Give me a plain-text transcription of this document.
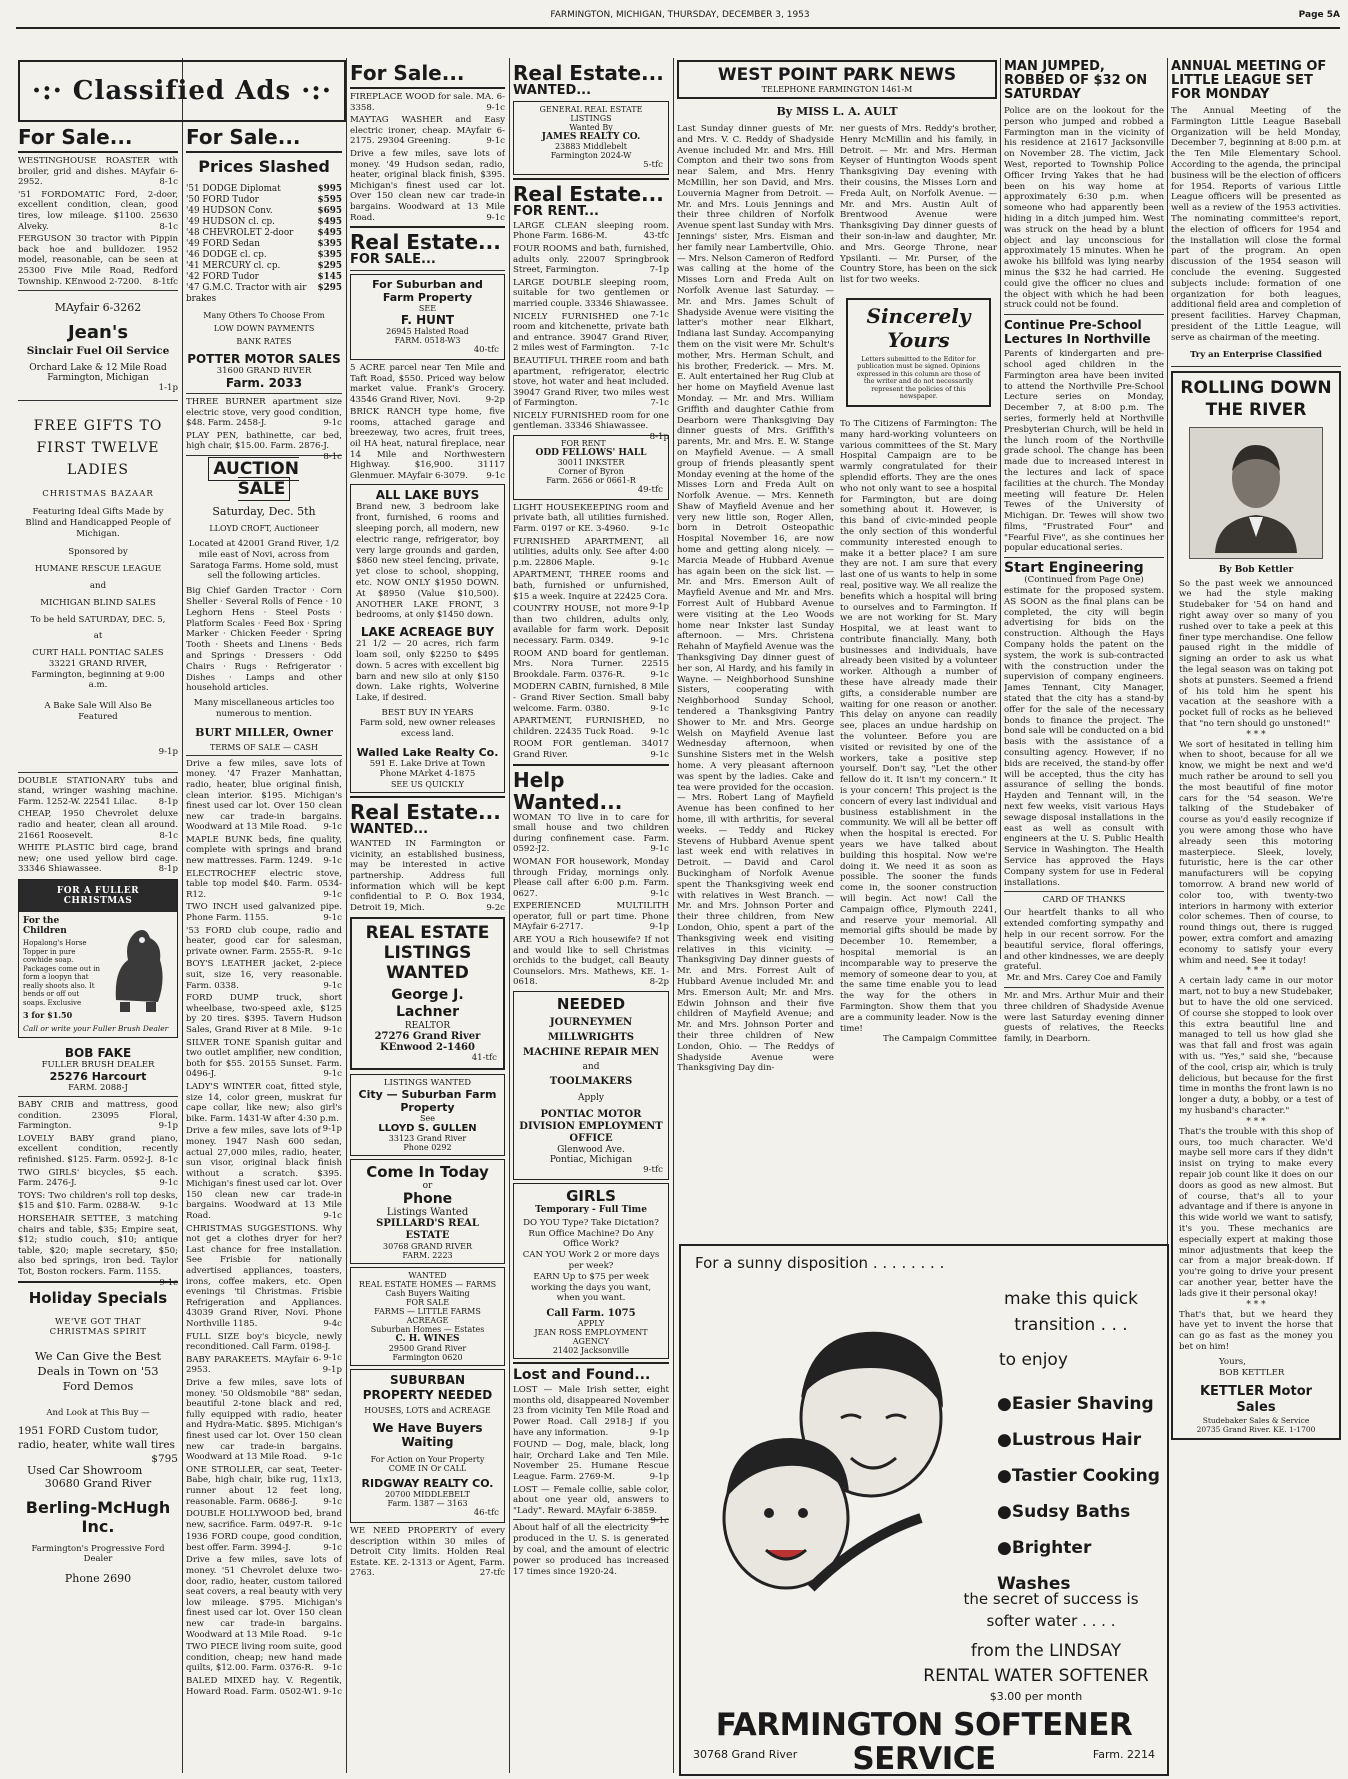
FARMINGTON, MICHIGAN, THURSDAY, DECEMBER 3, 1953	Page 5A
·:· Classified Ads ·:·
For Sale...
WESTINGHOUSE ROASTER with broiler, grid and dishes. MAyfair 6-2952.	8-1c
'51 FORDOMATIC Ford, 2-door, excellent condition, clean, good tires, low mileage. $1100. 25630 Alveky.	8-1c
FERGUSON 30 tractor with Pippin back hoe and bulldozer. 1952 model, reasonable, can be seen at 25300 Five Mile Road, Redford Township. KEnwood 2-7200. 8-1tfc
MAyfair 6-3262
Jean's
Sinclair Fuel Oil Service
Orchard Lake & 12 Mile Road
Farmington, Michigan
1-1p
FREE GIFTS TO FIRST TWELVE LADIES
CHRISTMAS BAZAAR
Featuring Ideal Gifts Made by Blind and Handicapped People of Michigan.
Sponsored by
HUMANE RESCUE LEAGUE
and
MICHIGAN BLIND SALES
To be held SATURDAY, DEC. 5,
at
CURT HALL PONTIAC SALES 33221 GRAND RIVER, Farmington, beginning at 9:00 a.m.
A Bake Sale Will Also Be Featured
9-1p
DOUBLE STATIONARY tubs and stand, wringer washing machine. Farm. 1252-W. 22541 Lilac. 8-1p
CHEAP, 1950 Chevrolet deluxe radio and heater, clean all around. 21661 Roosevelt.	8-1c
WHITE PLASTIC bird cage, brand new; one used yellow bird cage. 33346 Shiawassee.	8-1p
FOR A FULLER CHRISTMAS
For the Children
Hopalong's Horse Topper in pure cowhide soap. Packages come out in form a loopyn that really shoots also. It bends or off out soaps. Exclusive
3 for $1.50
Call or write your Fuller Brush Dealer
BOB FAKE
FULLER BRUSH DEALER
25276 Harcourt
FARM. 2088-J
BABY CRIB and mattress, good condition. 23095 Floral, Farmington.	9-1p
LOVELY BABY grand piano, excellent condition, recently refinished. $125. Farm. 0592-J. 8-1c
TWO GIRLS' bicycles, $5 each. Farm. 2476-J.	9-1c
TOYS: Two children's roll top desks, $15 and $10. Farm. 0288-W. 9-1c
HORSEHAIR SETTEE, 3 matching chairs and table, $35; Empire seat, $12; studio couch, $10; antique table, $20; maple secretary, $50; also bed springs, iron bed. Taylor Tot, Boston rockers. Farm. 1155.
9-1c
Holiday Specials
WE'VE GOT THAT CHRISTMAS SPIRIT
We Can Give the Best Deals in Town on '53 Ford Demos
And Look at This Buy —
1951 FORD Custom tudor, radio, heater, white wall tires
$795
Used Car Showroom
30680 Grand River
Berling-McHugh Inc.
Farmington's Progressive Ford Dealer
Phone 2690
For Sale...
Prices Slashed
'51 DODGE Diplomat	$995
'50 FORD Tudor	$595
'49 HUDSON Conv.	$695
'49 HUDSON cl. cp.	$495
'48 CHEVROLET 2-door	$495
'49 FORD Sedan	$395
'46 DODGE cl. cp.	$395
'41 MERCURY cl. cp.	$295
'42 FORD Tudor	$145
'47 G.M.C. Tractor with air brakes
$295
Many Others To Choose From
LOW DOWN PAYMENTS
BANK RATES
POTTER MOTOR SALES
31600 GRAND RIVER
Farm. 2033
THREE BURNER apartment size electric stove, very good condition, $48. Farm. 2458-J.	9-1c
PLAY PEN, bathinette, car bed, high chair, $15.00. Farm. 2876-J.
8-1c
AUCTION SALE
Saturday, Dec. 5th
LLOYD CROFT, Auctioneer
Located at 42001 Grand River, 1/2 mile east of Novi, across from Saratoga Farms. Home sold, must sell the following articles.
Big Chief Garden Tractor · Corn Sheller · Several Rolls of Fence · 10 Leghorn Hens · Steel Posts · Platform Scales · Feed Box · Spring Marker · Chicken Feeder · Spring Tooth · Sheets and Linens · Beds and Springs · Dressers · Odd Chairs · Rugs · Refrigerator · Dishes · Lamps and other household articles.
Many miscellaneous articles too numerous to mention.
BURT MILLER, Owner
TERMS OF SALE — CASH
Drive a few miles, save lots of money. '47 Frazer Manhattan, radio, heater, blue original finish, clean interior. $195. Michigan's finest used car lot. Over 150 clean new car trade-in bargains. Woodward at 13 Mile Road. 9-1c
MAPLE BUNK beds, fine quality, complete with springs and brand new mattresses. Farm. 1249. 9-1c
ELECTROCHEF electric stove, table top model $40. Farm. 0534-R12.	9-1c
TWO INCH used galvanized pipe. Phone Farm. 1155.	9-1c
'53 FORD club coupe, radio and heater, good car for salesman, private owner. Farm. 2555-R. 9-1c
BOY'S LEATHER jacket, 2-piece suit, size 16, very reasonable. Farm. 0338.	9-1c
FORD DUMP truck, short wheelbase, two-speed axle, $125 by 20 tires. $395. Tavern Hudson Sales, Grand River at 8 Mile. 9-1c
SILVER TONE Spanish guitar and two outlet amplifier, new condition, both for $55. 20155 Sunset. Farm. 0496-J.	9-1c
LADY'S WINTER coat, fitted style, size 14, color green, muskrat fur cape collar, like new; also girl's bike. Farm. 1431-W after 4:30 p.m.
9-1p
Drive a few miles, save lots of money. 1947 Nash 600 sedan, actual 27,000 miles, radio, heater, sun visor, original black finish without a scratch. $395. Michigan's finest used car lot. Over 150 clean new car trade-in bargains. Woodward at 13 Mile Road.	9-1c
CHRISTMAS SUGGESTIONS. Why not get a clothes dryer for her? Last chance for free installation. See Frisbie for nationally advertised appliances, toasters, irons, coffee makers, etc. Open evenings 'til Christmas. Frisbie Refrigeration and Appliances. 43039 Grand River, Novi. Phone Northville 1185.	9-4c
FULL SIZE boy's bicycle, newly reconditioned. Call Farm. 0198-J.
9-1c
BABY PARAKEETS. MAyfair 6-2953.	9-1p
Drive a few miles, save lots of money. '50 Oldsmobile "88" sedan, beautiful 2-tone black and red, fully equipped with radio, heater and Hydra-Matic. $895. Michigan's finest used car lot. Over 150 clean new car trade-in bargains. Woodward at 13 Mile Road. 9-1c
ONE STROLLER, car seat, Teeter-Babe, high chair, bike rug, 11x13, runner about 12 feet long, reasonable. Farm. 0686-J.	9-1c
DOUBLE HOLLYWOOD bed, brand new, sacrifice. Farm. 0497-R. 9-1c
1936 FORD coupe, good condition, best offer. Farm. 3994-J.	9-1c
Drive a few miles, save lots of money. '51 Chevrolet deluxe two-door, radio, heater, custom tailored seat covers, a real beauty with very low mileage. $795. Michigan's finest used car lot. Over 150 clean new car trade-in bargains. Woodward at 13 Mile Road. 9-1c
TWO PIECE living room suite, good condition, cheap; new hand made quilts, $12.00. Farm. 0376-R. 9-1c
BALED MIXED hay. V. Regentik, Howard Road. Farm. 0502-W1. 9-1c
For Sale...
FIREPLACE WOOD for sale. MA. 6-3358.	9-1c
MAYTAG WASHER and Easy electric ironer, cheap. MAyfair 6-2175. 29304 Greening.	9-1c
Drive a few miles, save lots of money. '49 Hudson sedan, radio, heater, original black finish, $395. Michigan's finest used car lot. Over 150 clean new car trade-in bargains. Woodward at 13 Mile Road.	9-1c
Real Estate...
FOR SALE...
For Suburban and Farm Property
SEE
F. HUNT
26945 Halsted Road
FARM. 0518-W3
40-tfc
5 ACRE parcel near Ten Mile and Taft Road, $550. Priced way below market value. Frank's Grocery. 43546 Grand River, Novi.	9-2p
BRICK RANCH type home, five rooms, attached garage and breezeway, two acres, fruit trees, oil HA heat, natural fireplace, near 14 Mile and Northwestern Highway. $16,900. 31117 Glenmuer. MAyfair 6-3079. 9-1c
ALL LAKE BUYS
Brand new, 3 bedroom lake front, furnished, 6 rooms and sleeping porch, all modern, new electric range, refrigerator, boy very large grounds and garden, $860 new steel fencing, private, yet close to school, shopping, etc. NOW ONLY $1950 DOWN. At $8950 (Value $10,500). ANOTHER LAKE FRONT, 3 bedrooms, at only $1450 down.
LAKE ACREAGE BUY
21 1/2 — 20 acres, rich farm loam soil, only $2250 to $495 down. 5 acres with excellent big barn and new silo at only $150 down. Lake rights, Wolverine Lake, if desired.
BEST BUY IN YEARS
Farm sold, new owner releases excess land.
Walled Lake Realty Co.
591 E. Lake Drive at Town Phone MArket 4-1875
SEE US QUICKLY
Real Estate...
WANTED...
WANTED IN Farmington or vicinity, an established business, may be interested in active partnership. Address full information which will be kept confidential to P. O. Box 1934, Detroit 19, Mich.	9-2c
REAL ESTATE LISTINGS WANTED
George J. Lachner
REALTOR
27276 Grand River
KEnwood 2-1460
41-tfc
LISTINGS WANTED
City — Suburban Farm Property
See
LLOYD S. GULLEN
33123 Grand River
Phone 0292
Come In Today
or
Phone
Listings Wanted
SPILLARD'S REAL ESTATE
30768 GRAND RIVER
FARM. 2223
WANTED
REAL ESTATE HOMES — FARMS
Cash Buyers Waiting
FOR SALE
FARMS — LITTLE FARMS ACREAGE
Suburban Homes — Estates
C. H. WINES
29500 Grand River
Farmington 0620
SUBURBAN PROPERTY NEEDED
HOUSES, LOTS and ACREAGE
We Have Buyers Waiting
For Action on Your Property
COME IN Or CALL
RIDGWAY REALTY CO.
20700 MIDDLEBELT
Farm. 1387 — 3163
46-tfc
WE NEED PROPERTY of every description within 30 miles of Detroit City limits. Holden Real Estate. KE. 2-1313 or Agent, Farm. 2763.	27-tfc
Real Estate...
WANTED...
GENERAL REAL ESTATE LISTINGS
Wanted By
JAMES REALTY CO.
23883 Middlebelt
Farmington 2024-W
5-tfc
Real Estate...
FOR RENT...
LARGE CLEAN sleeping room. Phone Farm. 1686-M.	43-tfc
FOUR ROOMS and bath, furnished, adults only. 22007 Springbrook Street, Farmington.	7-1p
LARGE DOUBLE sleeping room, suitable for two gentlemen or married couple. 33346 Shiawassee.
7-1c
NICELY FURNISHED one room and kitchenette, private bath and entrance. 39047 Grand River, 2 miles west of Farmington. 7-1c
BEAUTIFUL THREE room and bath apartment, refrigerator, electric stove, hot water and heat included. 39047 Grand River, two miles west of Farmington.	7-1c
NICELY FURNISHED room for one gentleman. 33346 Shiawassee.
8-1p
FOR RENT
ODD FELLOWS' HALL
30011 INKSTER
Corner of Byron
Farm. 2656 or 0661-R
49-tfc
LIGHT HOUSEKEEPING room and private bath, all utilities furnished. Farm. 0197 or KE. 3-4960. 9-1c
FURNISHED APARTMENT, all utilities, adults only. See after 4:00 p.m. 22806 Maple.	9-1c
APARTMENT, THREE rooms and bath, furnished or unfurnished, $15 a week. Inquire at 22425 Cora.
9-1p
COUNTRY HOUSE, not more than two children, adults only, available for farm work. Deposit necessary. Farm. 0349.	9-1c
ROOM AND board for gentleman. Mrs. Nora Turner. 22515 Brookdale. Farm. 0376-R.	9-1c
MODERN CABIN, furnished, 8 Mile - Grand River Section. Small baby welcome. Farm. 0380.	9-1c
APARTMENT, FURNISHED, no children. 22435 Tuck Road. 9-1c
ROOM FOR gentleman. 34017 Grand River.	9-1c
Help Wanted...
WOMAN TO live in to care for small house and two children during confinement case. Farm. 0592-J2.	9-1c
WOMAN FOR housework, Monday through Friday, mornings only. Please call after 6:00 p.m. Farm. 0627.	9-1c
EXPERIENCED MULTILITH operator, full or part time. Phone MAyfair 6-2717.	9-1p
ARE YOU a Rich housewife? If not and would like to sell Christmas orchids to the budget, call Beauty Counselors. Mrs. Mathews, KE. 1-0618.	8-2p
NEEDED
JOURNEYMEN
MILLWRIGHTS
MACHINE REPAIR MEN
and
TOOLMAKERS
Apply
PONTIAC MOTOR DIVISION EMPLOYMENT OFFICE
Glenwood Ave.
Pontiac, Michigan
9-tfc
GIRLS
Temporary - Full Time
DO YOU Type? Take Dictation? Run Office Machine? Do Any Office Work?
CAN YOU Work 2 or more days per week?
EARN Up to $75 per week working the days you want, when you want.
Call Farm. 1075
APPLY
JEAN ROSS EMPLOYMENT AGENCY
21402 Jacksonville
Lost and Found...
LOST — Male Irish setter, eight months old, disappeared November 23 from vicinity Ten Mile Road and Power Road. Call 2918-J if you have any information.	9-1p
FOUND — Dog, male, black, long hair, Orchard Lake and Ten Mile. November 25. Humane Rescue League. Farm. 2769-M.	9-1p
LOST — Female collie, sable color, about one year old, answers to "Lady". Reward. MAyfair 6-3859.
9-1c
About half of all the electricity produced in the U. S. is generated by coal, and the amount of electric power so produced has increased 17 times since 1920-24.
WEST POINT PARK NEWS
TELEPHONE FARMINGTON 1461-M
By MISS L. A. AULT
Last Sunday dinner guests of Mr. and Mrs. V. C. Reddy of Shadyside Avenue included Mr. and Mrs. Hill Compton and their two sons from near Salem, and Mrs. Henry McMillin, her son David, and Mrs. Louvernia Magner from Detroit. — Mr. and Mrs. Louis Jennings and their three children of Norfolk Avenue spent last Sunday with Mrs. Jennings' sister, Mrs. Eisman and her family near Lambertville, Ohio. — Mrs. Nelson Cameron of Redford was calling at the home of the Misses Lorn and Freda Ault on Norfolk Avenue last Saturday. — Mr. and Mrs. James Schult of Shadyside Avenue were visiting the latter's mother near Elkhart, Indiana last Sunday. Accompanying them on the visit were Mr. Schult's mother, Mrs. Herman Schult, and his brother, Frederick. — Mrs. M. E. Ault entertained her Rug Club at her home on Mayfield Avenue last Monday. — Mr. and Mrs. William Griffith and daughter Cathie from Dearborn were Thanksgiving Day dinner guests of Mrs. Griffith's parents, Mr. and Mrs. E. W. Stange on Mayfield Avenue. — A small group of friends pleasantly spent Monday evening at the home of the Misses Lorn and Freda Ault on Norfolk Avenue. — Mrs. Kenneth Shaw of Mayfield Avenue and her very new little son, Roger Allen, born in Detroit Osteopathic Hospital November 16, are now home and getting along nicely. — Marcia Meade of Hubbard Avenue has again been on the sick list. — Mr. and Mrs. Emerson Ault of Mayfield Avenue and Mr. and Mrs. Forrest Ault of Hubbard Avenue were visiting at the Leo Woods home near Inkster last Sunday afternoon. — Mrs. Christena Rehahn of Mayfield Avenue was the Thanksgiving Day dinner guest of her son, Al Hardy, and his family in Wayne. — Neighborhood Sunshine Sisters, cooperating with Neighborhood Sunday School, tendered a Thanksgiving Pantry Shower to Mr. and Mrs. George Welsh on Mayfield Avenue last Wednesday afternoon, when Sunshine Sisters met in the Welsh home. A very pleasant afternoon was spent by the ladies. Cake and tea were provided for the occasion. — Mrs. Robert Lang of Mayfield Avenue has been confined to her home, ill with arthritis, for several weeks. — Teddy and Rickey Stevens of Hubbard Avenue spent last week end with relatives in Detroit. — David and Carol Buckingham of Norfolk Avenue spent the Thanksgiving week end with relatives in West Branch. — Mr. and Mrs. Johnson Porter and their three children, from New London, Ohio, spent a part of the Thanksgiving week end visiting relatives in this vicinity. — Thanksgiving Day dinner guests of Mr. and Mrs. Forrest Ault of Hubbard Avenue included Mr. and Mrs. Emerson Ault; Mr. and Mrs. Edwin Johnson and their five children of Mayfield Avenue; and Mr. and Mrs. Johnson Porter and their three children of New London, Ohio. — The Reddys of Shadyside Avenue were Thanksgiving Day din-
ner guests of Mrs. Reddy's brother, Henry McMillin and his family, in Detroit. — Mr. and Mrs. Herman Keyser of Huntington Woods spent Thanksgiving Day evening with their cousins, the Misses Lorn and Freda Ault, on Norfolk Avenue. — Mr. and Mrs. Austin Ault of Brentwood Avenue were Thanksgiving Day dinner guests of their son-in-law and daughter, Mr. and Mrs. George Throne, near Ypsilanti. — Mr. Purser, of the Country Store, has been on the sick list for two weeks.
Sincerely Yours
Letters submitted to the Editor for publication must be signed. Opinions expressed in this column are those of the writer and do not necessarily represent the policies of this newspaper.
To The Citizens of Farmington: The many hard-working volunteers on various committees of the St. Mary Hospital Campaign are to be warmly congratulated for their splendid efforts. They are the ones who not only want to see a hospital for Farmington, but are doing something about it. However, is this band of civic-minded people the only section of this wonderful community interested enough to make it a better place? I am sure they are not. I am sure that every last one of us wants to help in some real, positive way. We all realize the benefits which a hospital will bring to ourselves and to Farmington. If we are not working for St. Mary Hospital, we at least want to contribute financially. Many, both businesses and individuals, have already been visited by a volunteer worker. Although a number of these have already made their gifts, a considerable number are waiting for one reason or another. This delay on anyone can readily see, places an undue hardship on the volunteer. Before you are visited or revisited by one of the workers, take a positive step yourself. Don't say, "Let the other fellow do it. It isn't my concern." It is your concern! This project is the concern of every last individual and business establishment in the community. We will all be better off when the hospital is erected. For years we have talked about building this hospital. Now we're doing it. We need it as soon as possible. The sooner the funds come in, the sooner construction will begin. Act now! Call the Campaign office, Plymouth 2241, and reserve your memorial. All memorial gifts should be made by December 10. Remember, a hospital memorial is an incomparable way to preserve the memory of someone dear to you, at the same time enable you to lead the way for the others in Farmington. Show them that you are a community leader. Now is the time!
The Campaign Committee
MAN JUMPED, ROBBED OF $32 ON SATURDAY
Police are on the lookout for the person who jumped and robbed a Farmington man in the vicinity of his residence at 21617 Jacksonville on November 28. The victim, Jack West, reported to Township Police Officer Irving Yakes that he had been on his way home at approximately 6:30 p.m. when someone who had apparently been hiding in a ditch jumped him. West was struck on the head by a blunt object and lay unconscious for approximately 15 minutes. When he awoke his billfold was lying nearby minus the $32 he had carried. He could give the officer no clues and the object with which he had been struck could not be found.
Continue Pre-School Lectures In Northville
Parents of kindergarten and pre-school aged children in the Farmington area have been invited to attend the Northville Pre-School Lecture series on Monday, December 7, at 8:00 p.m. The series, formerly held at Northville Presbyterian Church, will be held in the lunch room of the Northville grade school. The change has been made due to increased interest in the lectures and lack of space facilities at the church. The Monday meeting will feature Dr. Helen Tewes of the University of Michigan. Dr. Tewes will show two films, "Frustrated Four" and "Fearful Five", as she continues her popular educational series.
Start Engineering
(Continued from Page One)
estimate for the proposed system. AS SOON as the final plans can be completed, the city will begin advertising for bids on the construction. Although the Hays Company holds the patent on the system, the work is sub-contracted with the construction under the supervision of company engineers. James Tennant, City Manager, stated that the city has a stand-by offer for the sale of the necessary bonds to finance the project. The bond sale will be conducted on a bid basis with the assistance of a consulting agency. However, if no bids are received, the stand-by offer will be accepted, thus the city has assurance of selling the bonds. Hayden and Tennant will, in the next few weeks, visit various Hays sewage disposal installations in the east as well as consult with engineers at the U. S. Public Health Service in Washington. The Health Service has approved the Hays Company system for use in Federal installations.
CARD OF THANKS
Our heartfelt thanks to all who extended comforting sympathy and help in our recent sorrow. For the beautiful service, floral offerings, and other kindnesses, we are deeply grateful.
Mr. and Mrs. Carey Coe and Family
Mr. and Mrs. Arthur Muir and their three children of Shadyside Avenue were last Saturday evening dinner guests of relatives, the Reecks family, in Dearborn.
ANNUAL MEETING OF LITTLE LEAGUE SET FOR MONDAY
The Annual Meeting of the Farmington Little League Baseball Organization will be held Monday, December 7, beginning at 8:00 p.m. at the Ten Mile Elementary School. According to the agenda, the principal business will be the election of officers for 1954. Reports of various Little League officers will be presented as well as a review of the 1953 activities. The nominating committee's report, the election of officers for 1954 and the installation will close the formal part of the program. An open discussion of the 1954 season will conclude the evening. Suggested subjects include: formation of one organization for both leagues, additional field area and completion of present facilities. Harvey Chapman, president of the Little League, will serve as chairman of the meeting.
Try an Enterprise Classified
ROLLING DOWN THE RIVER
By Bob Kettler
So the past week we announced we had the style making Studebaker for '54 on hand and right away over so many of you rushed over to take a peek at this finer type merchandise. One fellow paused right in the middle of signing an order to ask us what the legal season was on taking pot shots at punsters. Seemed a friend of his told him he spent his vacation at the seashore with a pocket full of rocks as he believed that "no tern should go unstoned!"
* * *
We sort of hesitated in telling him when to shoot, because for all we know, we might be next and we'd much rather be around to sell you the most beautiful of fine motor cars for the '54 season. We're talking of the Studebaker of course as you'd easily recognize if you were among those who have already seen this motoring masterpiece. Sleek, lovely, futuristic, here is the car other manufacturers will be copying tomorrow. A brand new world of color too, with twenty-two interiors in harmony with exterior color schemes. Then of course, to round things out, there is rugged power, extra comfort and amazing economy to satisfy your every whim and need. See it today!
* * *
A certain lady came in our motor mart, not to buy a new Studebaker, but to have the old one serviced. Of course she stopped to look over this extra beautiful line and managed to tell us how glad she was that fall and frost was again with us. "Yes," said she, "because of the cool, crisp air, which is truly delicious, but because for the first time in months the front lawn is no longer a duty, a bobby, or a test of my husband's character."
* * *
That's the trouble with this shop of ours, too much character. We'd maybe sell more cars if they didn't insist on trying to make every repair job count like it does on our doors as good as new almost. But of course, that's all to your advantage and if there is anyone in this wide world we want to satisfy, it's you. These mechanics are especially expert at making those minor adjustments that keep the car from a major break-down. If you're going to drive your present car another year, better have the lads give it their personal okay!
* * *
That's that, but we heard they have yet to invent the horse that can go as fast as the money you bet on him!
Yours,
BOB KETTLER
KETTLER Motor Sales
Studebaker Sales & Service
20735 Grand River. KE. 1-1700
For a sunny disposition . . . . . . . .
make this quick transition . . .
to enjoy
●Easier Shaving
●Lustrous Hair
●Tastier Cooking
●Sudsy Baths
●Brighter Washes
the secret of success is softer water . . . .
from the LINDSAY
RENTAL WATER SOFTENER
$3.00 per month
FARMINGTON SOFTENER SERVICE
30768 Grand River	Farm. 2214
